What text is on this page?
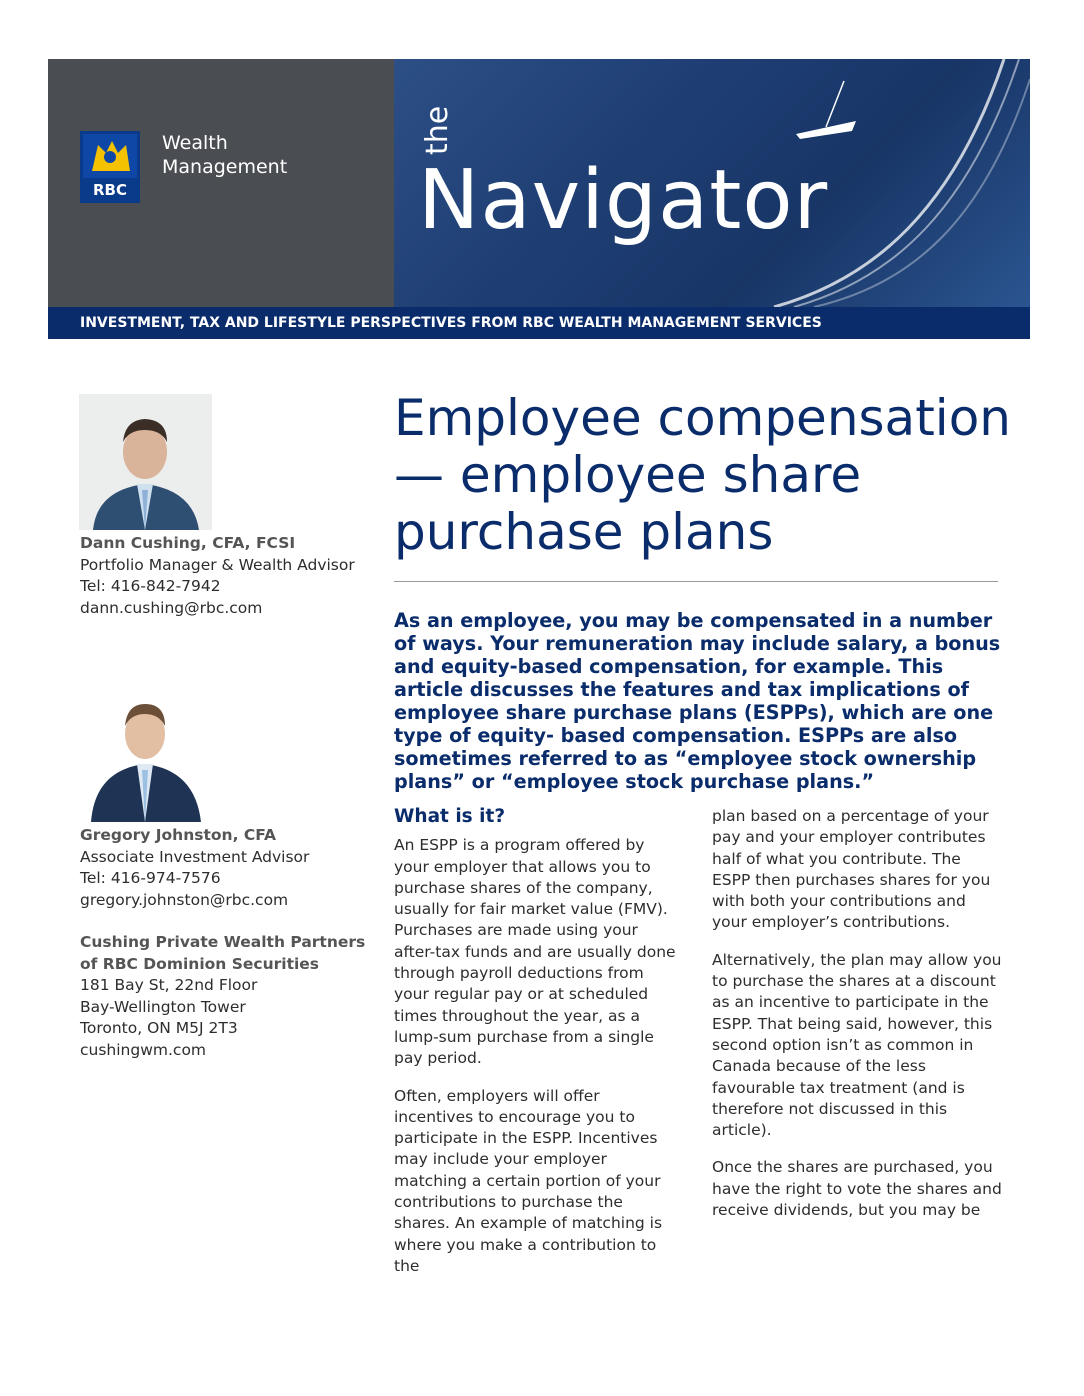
RBC
Wealth
Management
the
Navigator
INVESTMENT, TAX AND LIFESTYLE PERSPECTIVES FROM RBC WEALTH MANAGEMENT SERVICES
Dann Cushing, CFA, FCSI
Portfolio Manager & Wealth Advisor
Tel: 416-842-7942
dann.cushing@rbc.com
Gregory Johnston, CFA
Associate Investment Advisor
Tel: 416-974-7576
gregory.johnston@rbc.com
Cushing Private Wealth Partners
of RBC Dominion Securities
181 Bay St, 22nd Floor
Bay-Wellington Tower
Toronto, ON M5J 2T3
cushingwm.com
Employee compensation
— employee share
purchase plans
As an employee, you may be compensated in a number of ways. Your remuneration may include salary, a bonus and equity-based compensation, for example. This article discusses the features and tax implications of employee share purchase plans (ESPPs), which are one type of equity- based compensation. ESPPs are also sometimes referred to as “employee stock ownership plans” or “employee stock purchase plans.”
What is it?

An ESPP is a program offered by your employer that allows you to purchase shares of the company, usually for fair market value (FMV). Purchases are made using your after-tax funds and are usually done through payroll deductions from your regular pay or at scheduled times throughout the year, as a lump-sum purchase from a single pay period.

Often, employers will offer incentives to encourage you to participate in the ESPP. Incentives may include your employer matching a certain portion of your contributions to purchase the shares. An example of matching is where you make a contribution to the

plan based on a percentage of your pay and your employer contributes half of what you contribute. The ESPP then purchases shares for you with both your contributions and your employer’s contributions.

Alternatively, the plan may allow you to purchase the shares at a discount as an incentive to participate in the ESPP. That being said, however, this second option isn’t as common in Canada because of the less favourable tax treatment (and is therefore not discussed in this article).

Once the shares are purchased, you have the right to vote the shares and receive dividends, but you may be
